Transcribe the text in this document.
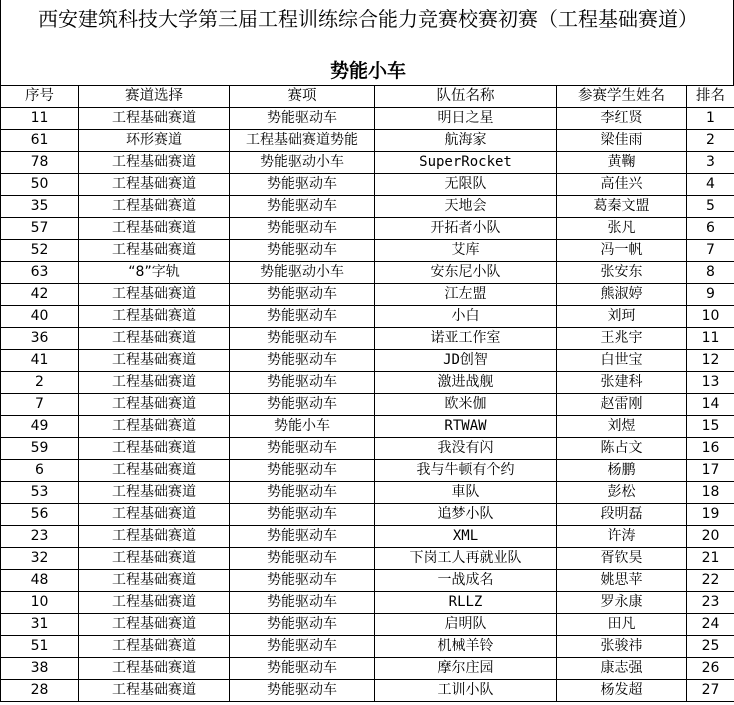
西安建筑科技大学第三届工程训练综合能力竞赛校赛初赛（工程基础赛道）
势能小车
序号	赛道选择	赛项	队伍名称	参赛学生姓名	排名
11	工程基础赛道	势能驱动车	明日之星	李红贤	1
61	环形赛道	工程基础赛道势能	航海家	梁佳雨	2
78	工程基础赛道	势能驱动小车	SuperRocket	黄鞠	3
50	工程基础赛道	势能驱动车	无限队	高佳兴	4
35	工程基础赛道	势能驱动车	天地会	葛秦文盟	5
57	工程基础赛道	势能驱动车	开拓者小队	张凡	6
52	工程基础赛道	势能驱动车	艾库	冯一帆	7
63	“8”字轨	势能驱动小车	安东尼小队	张安东	8
42	工程基础赛道	势能驱动车	江左盟	熊淑婷	9
40	工程基础赛道	势能驱动车	小白	刘珂	10
36	工程基础赛道	势能驱动车	诺亚工作室	王兆宇	11
41	工程基础赛道	势能驱动车	JD创智	白世宝	12
2	工程基础赛道	势能驱动车	激进战舰	张建科	13
7	工程基础赛道	势能驱动车	欧米伽	赵雷刚	14
49	工程基础赛道	势能小车	RTWAW	刘煜	15
59	工程基础赛道	势能驱动车	我没有闪	陈占文	16
6	工程基础赛道	势能驱动车	我与牛顿有个约	杨鹏	17
53	工程基础赛道	势能驱动车	車队	彭松	18
56	工程基础赛道	势能驱动车	追梦小队	段明磊	19
23	工程基础赛道	势能驱动车	XML	许涛	20
32	工程基础赛道	势能驱动车	下岗工人再就业队	胥钦昊	21
48	工程基础赛道	势能驱动车	一战成名	姚思苹	22
10	工程基础赛道	势能驱动车	RLLZ	罗永康	23
31	工程基础赛道	势能驱动车	启明队	田凡	24
51	工程基础赛道	势能驱动车	机械羊铃	张骏祎	25
38	工程基础赛道	势能驱动车	摩尔庄园	康志强	26
28	工程基础赛道	势能驱动车	工训小队	杨发超	27
